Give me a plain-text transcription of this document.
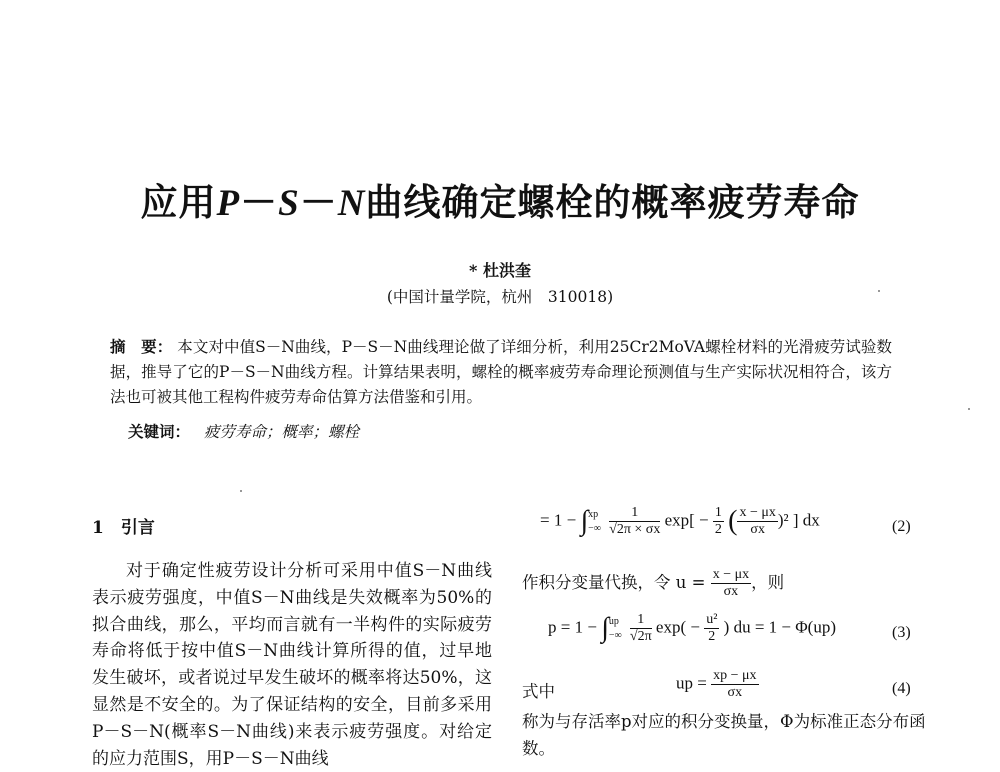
应用P－S－N曲线确定螺栓的概率疲劳寿命
* 杜洪奎
(中国计量学院，杭州　310018)
摘　要： 本文对中值S－N曲线，P－S－N曲线理论做了详细分析，利用25Cr2MoVA螺栓材料的光滑疲劳试验数据，推导了它的P－S－N曲线方程。计算结果表明，螺栓的概率疲劳寿命理论预测值与生产实际状况相符合，该方法也可被其他工程构件疲劳寿命估算方法借鉴和引用。
关键词： 疲劳寿命；概率；螺栓
1　引言

对于确定性疲劳设计分析可采用中值S－N曲线表示疲劳强度，中值S－N曲线是失效概率为50%的拟合曲线，那么，平均而言就有一半构件的实际疲劳寿命将低于按中值S－N曲线计算所得的值，过早地发生破坏，或者说过早发生破坏的概率将达50%，这显然是不安全的。为了保证结构的安全，目前多采用P－S－N(概率S－N曲线)来表示疲劳强度。对给定的应力范围S，用P－S－N曲线

= 1 − ∫ xp
−∞
$\frac{1}{√2\pi \times \sigma x} \exp[ - \frac{1}{2}$ ( $\frac{x - \mu x}{\sigma x} )^2$ ] dx	(2)
作积分变量代换，令 $u = \frac{x - \mu x}{\sigma x}$ ，则
p = 1 − ∫ up
−∞
$\frac{1}{√2\pi} \exp( - \frac{\text{u²}}{2}$ ) du = 1 − Φ(up)	(3)
式中	up = $\frac{xp - \mu x}{\sigma x}$	(4)
称为与存活率p对应的积分变换量，Φ为标准正态分布函数。
